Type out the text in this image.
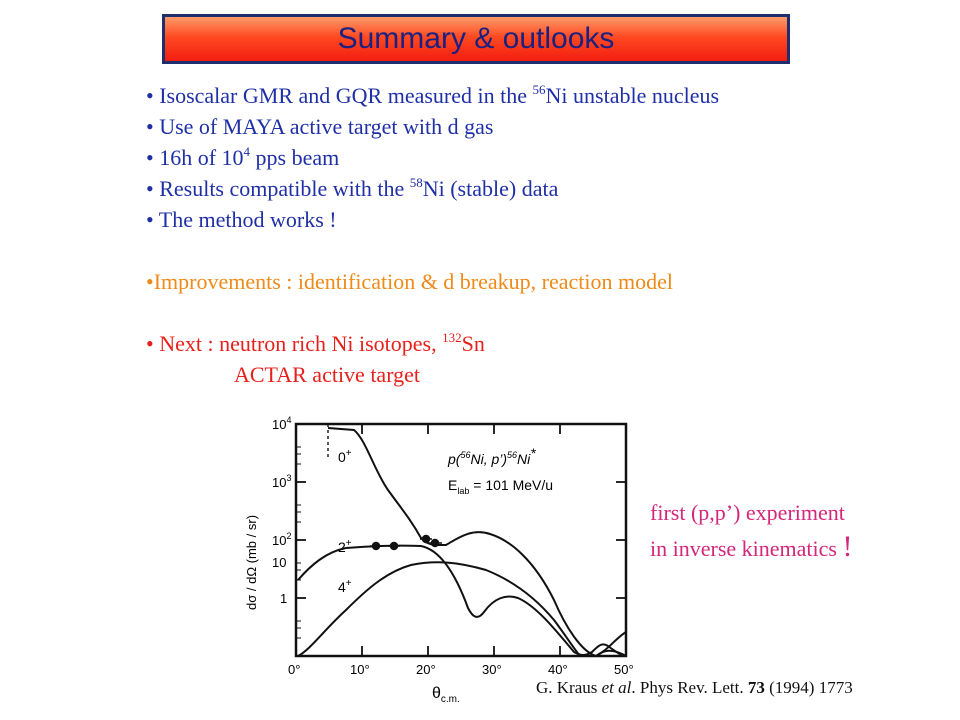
Summary & outlooks
• Isoscalar GMR and GQR measured in the $^{56}$Ni unstable nucleus
• Use of MAYA active target with d gas
• 16h of $10^4$ pps beam
• Results compatible with the $^{58}$Ni (stable) data
• The method works !
•Improvements : identification & d breakup, reaction model
• Next : neutron rich Ni isotopes, $^{132}$Sn
ACTAR active target
$10^4$
$10^3$
$10^2$
10
1
dσ / dΩ (mb / sr)
0°	10°	20°	30°	40°	50°
$\theta_{c.m.}$
p($^{56}$Ni, p’)$^{56}$Ni*
$E_{lab} = 101$ MeV/u
0+
2+
4+
first (p,p’) experiment
in inverse kinematics !
G. Kraus et al. Phys Rev. Lett. 73 (1994) 1773
